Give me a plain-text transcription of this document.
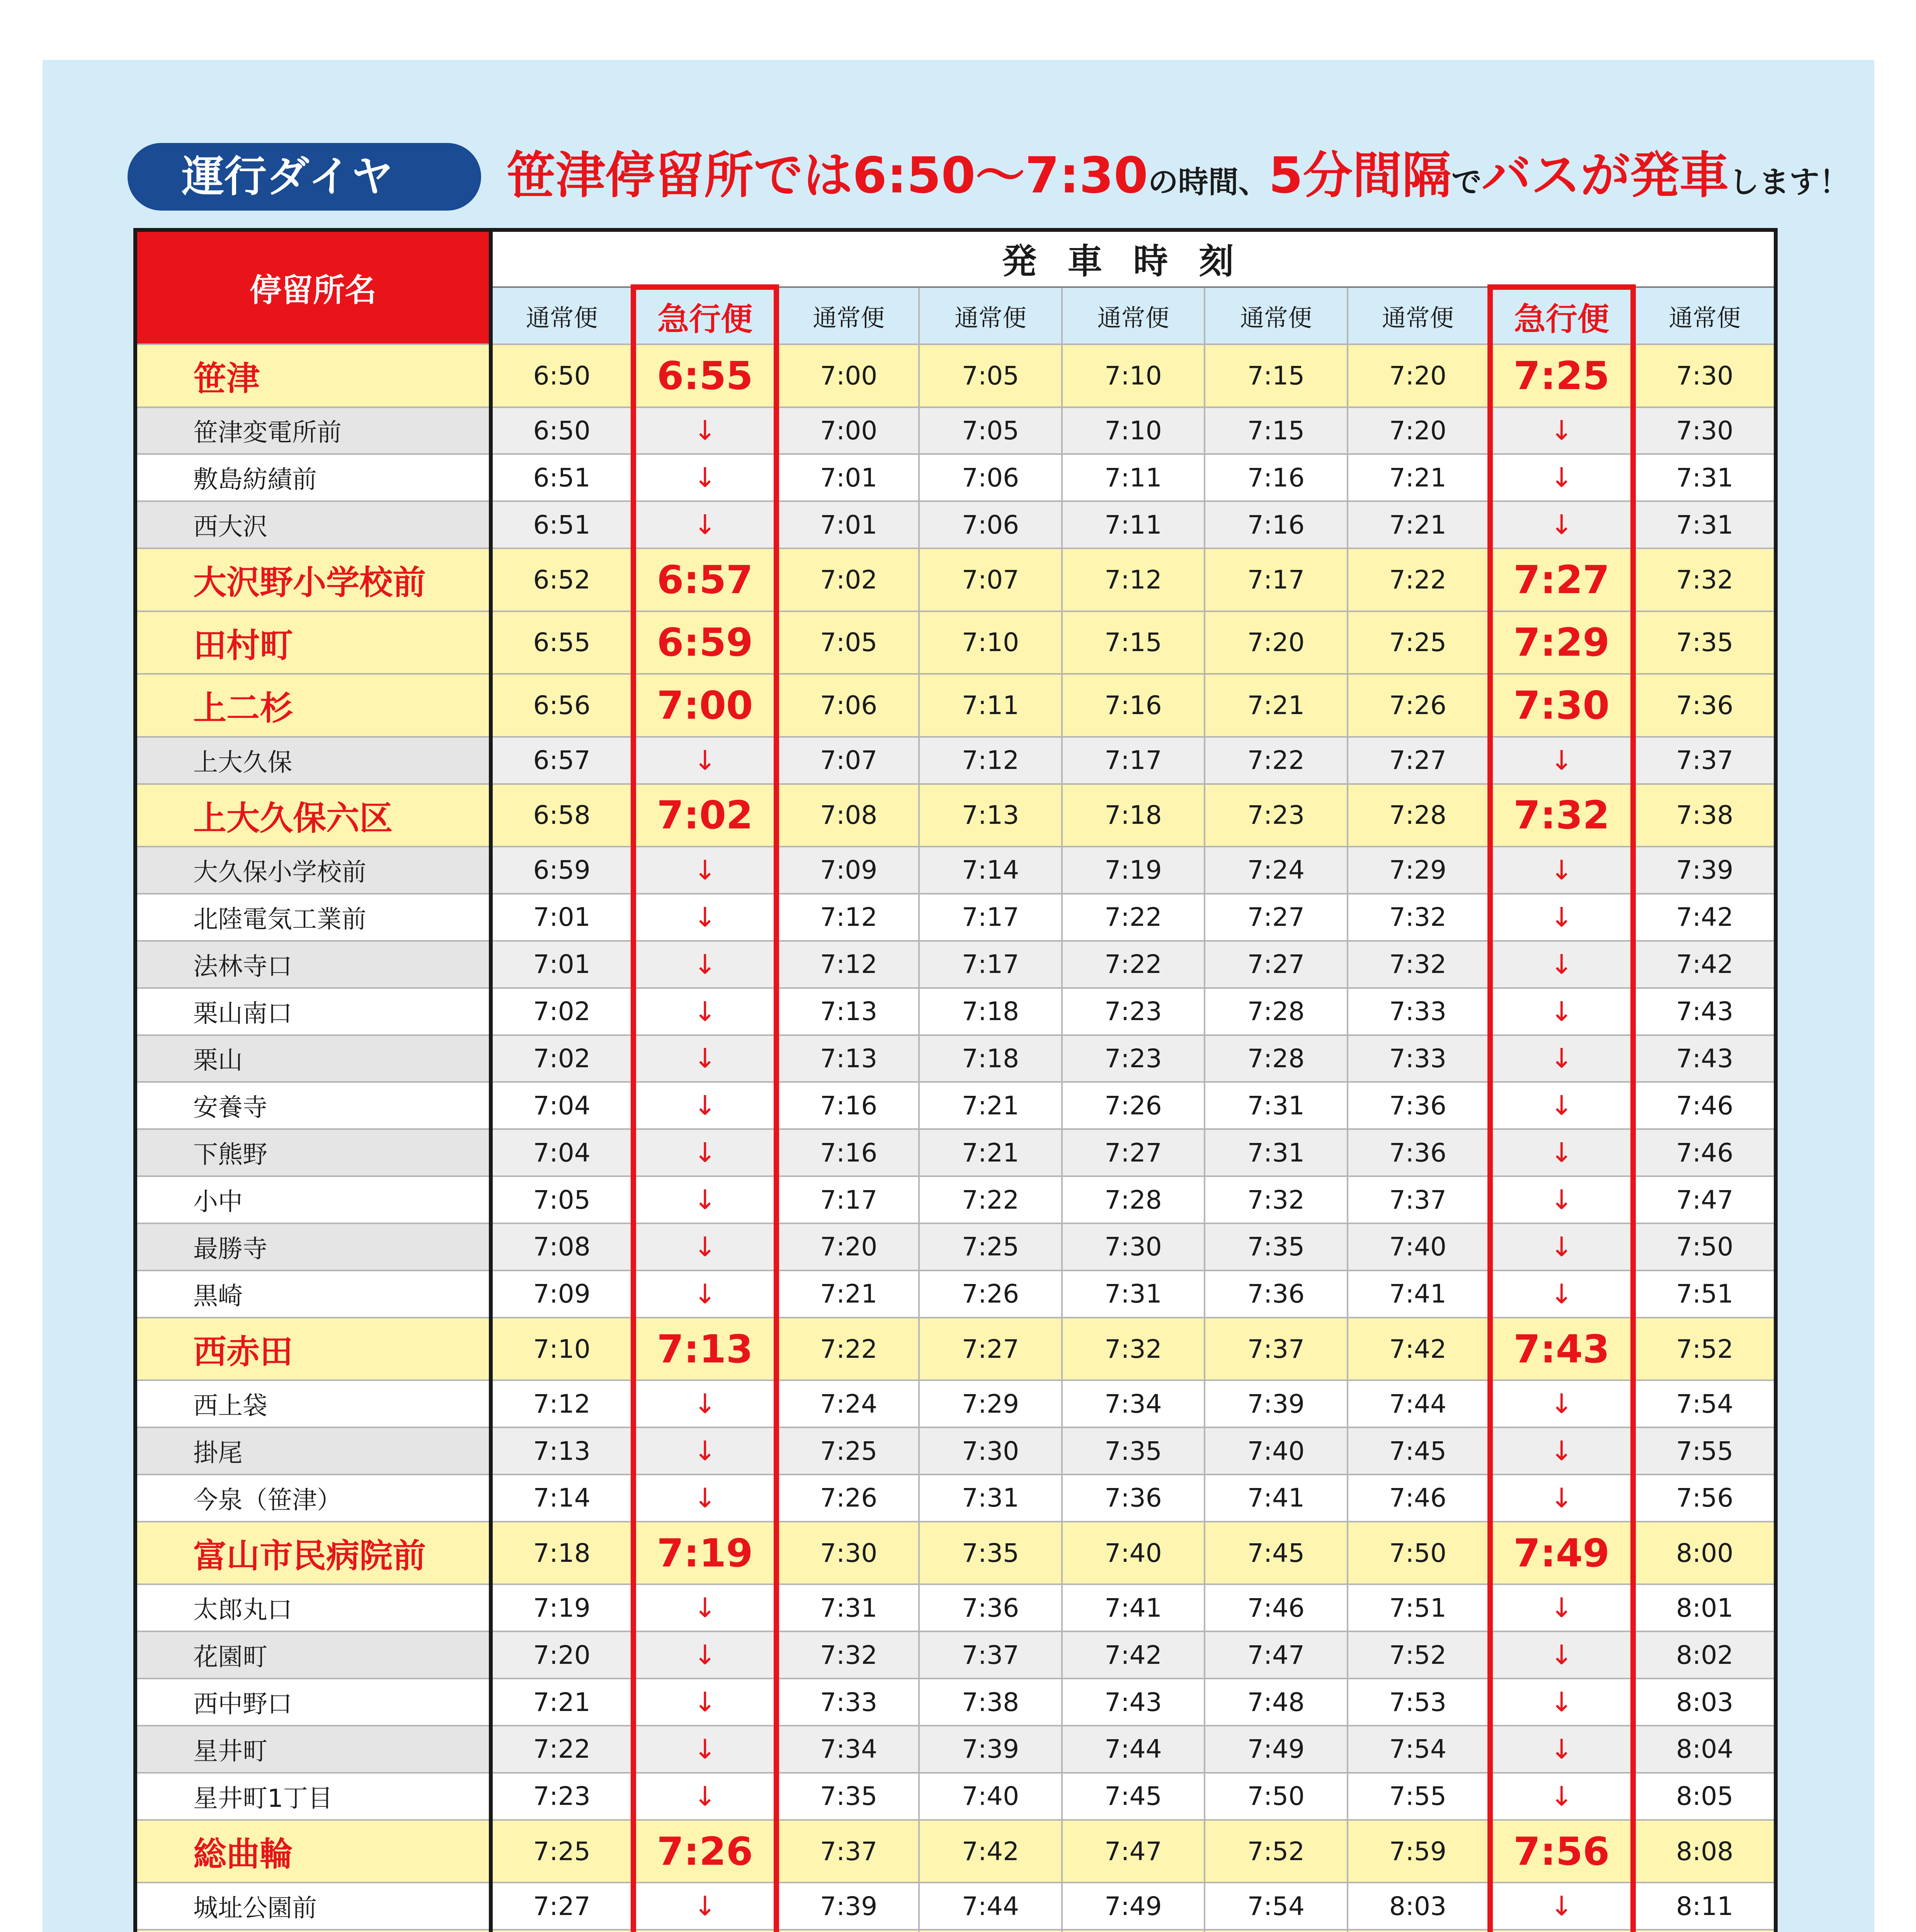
運行ダイヤ	笹津停留所では6:50〜7:30の時間、5分間隔でバスが発車します！
停留所名	発車時刻								
	通常便	急行便	通常便	通常便	通常便	通常便	通常便	急行便	通常便
笹津	6:50	6:55	7:00	7:05	7:10	7:15	7:20	7:25	7:30
笹津変電所前	6:50	↓	7:00	7:05	7:10	7:15	7:20	↓	7:30
敷島紡績前	6:51	↓	7:01	7:06	7:11	7:16	7:21	↓	7:31
西大沢	6:51	↓	7:01	7:06	7:11	7:16	7:21	↓	7:31
大沢野小学校前	6:52	6:57	7:02	7:07	7:12	7:17	7:22	7:27	7:32
田村町	6:55	6:59	7:05	7:10	7:15	7:20	7:25	7:29	7:35
上二杉	6:56	7:00	7:06	7:11	7:16	7:21	7:26	7:30	7:36
上大久保	6:57	↓	7:07	7:12	7:17	7:22	7:27	↓	7:37
上大久保六区	6:58	7:02	7:08	7:13	7:18	7:23	7:28	7:32	7:38
大久保小学校前	6:59	↓	7:09	7:14	7:19	7:24	7:29	↓	7:39
北陸電気工業前	7:01	↓	7:12	7:17	7:22	7:27	7:32	↓	7:42
法林寺口	7:01	↓	7:12	7:17	7:22	7:27	7:32	↓	7:42
栗山南口	7:02	↓	7:13	7:18	7:23	7:28	7:33	↓	7:43
栗山	7:02	↓	7:13	7:18	7:23	7:28	7:33	↓	7:43
安養寺	7:04	↓	7:16	7:21	7:26	7:31	7:36	↓	7:46
下熊野	7:04	↓	7:16	7:21	7:27	7:31	7:36	↓	7:46
小中	7:05	↓	7:17	7:22	7:28	7:32	7:37	↓	7:47
最勝寺	7:08	↓	7:20	7:25	7:30	7:35	7:40	↓	7:50
黒崎	7:09	↓	7:21	7:26	7:31	7:36	7:41	↓	7:51
西赤田	7:10	7:13	7:22	7:27	7:32	7:37	7:42	7:43	7:52
西上袋	7:12	↓	7:24	7:29	7:34	7:39	7:44	↓	7:54
掛尾	7:13	↓	7:25	7:30	7:35	7:40	7:45	↓	7:55
今泉（笹津）	7:14	↓	7:26	7:31	7:36	7:41	7:46	↓	7:56
富山市民病院前	7:18	7:19	7:30	7:35	7:40	7:45	7:50	7:49	8:00
太郎丸口	7:19	↓	7:31	7:36	7:41	7:46	7:51	↓	8:01
花園町	7:20	↓	7:32	7:37	7:42	7:47	7:52	↓	8:02
西中野口	7:21	↓	7:33	7:38	7:43	7:48	7:53	↓	8:03
星井町	7:22	↓	7:34	7:39	7:44	7:49	7:54	↓	8:04
星井町1丁目	7:23	↓	7:35	7:40	7:45	7:50	7:55	↓	8:05
総曲輪	7:25	7:26	7:37	7:42	7:47	7:52	7:59	7:56	8:08
城址公園前	7:27	↓	7:39	7:44	7:49	7:54	8:03	↓	8:11
